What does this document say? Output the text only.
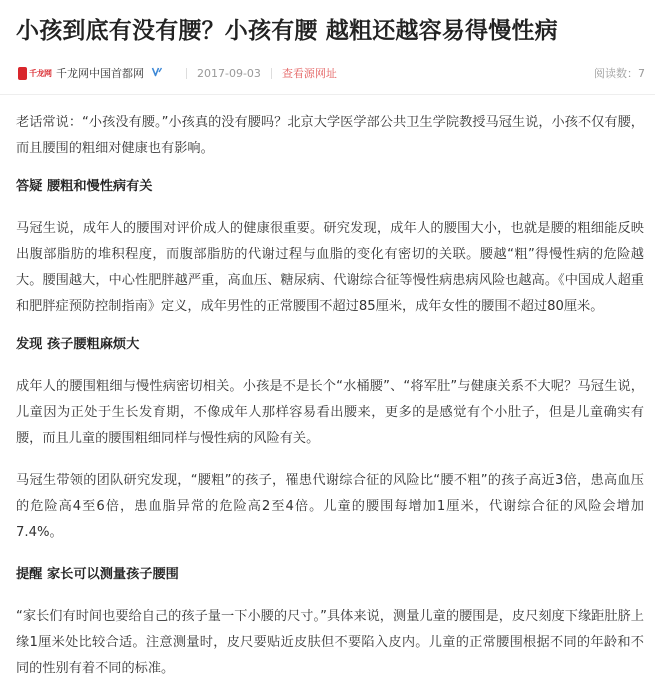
小孩到底有没有腰？小孩有腰 越粗还越容易得慢性病
千龙网 千龙网中国首都网	2017-09-03 查看源网址	阅读数：7

老话常说：“小孩没有腰。”小孩真的没有腰吗？北京大学医学部公共卫生学院教授马冠生说，小孩不仅有腰，而且腰围的粗细对健康也有影响。

答疑 腰粗和慢性病有关

马冠生说，成年人的腰围对评价成人的健康很重要。研究发现，成年人的腰围大小，也就是腰的粗细能反映出腹部脂肪的堆积程度，而腹部脂肪的代谢过程与血脂的变化有密切的关联。腰越“粗”得慢性病的危险越大。腰围越大，中心性肥胖越严重，高血压、糖尿病、代谢综合征等慢性病患病风险也越高。《中国成人超重和肥胖症预防控制指南》定义，成年男性的正常腰围不超过85厘米，成年女性的腰围不超过80厘米。

发现 孩子腰粗麻烦大

成年人的腰围粗细与慢性病密切相关。小孩是不是长个“水桶腰”、“将军肚”与健康关系不大呢？马冠生说，儿童因为正处于生长发育期，不像成年人那样容易看出腰来，更多的是感觉有个小肚子，但是儿童确实有腰，而且儿童的腰围粗细同样与慢性病的风险有关。

马冠生带领的团队研究发现，“腰粗”的孩子，罹患代谢综合征的风险比“腰不粗”的孩子高近3倍，患高血压的危险高4至6倍，患血脂异常的危险高2至4倍。儿童的腰围每增加1厘米，代谢综合征的风险会增加7.4%。

提醒 家长可以测量孩子腰围

“家长们有时间也要给自己的孩子量一下小腰的尺寸。”具体来说，测量儿童的腰围是，皮尺刻度下缘距肚脐上缘1厘米处比较合适。注意测量时，皮尺要贴近皮肤但不要陷入皮内。儿童的正常腰围根据不同的年龄和不同的性别有着不同的标准。
